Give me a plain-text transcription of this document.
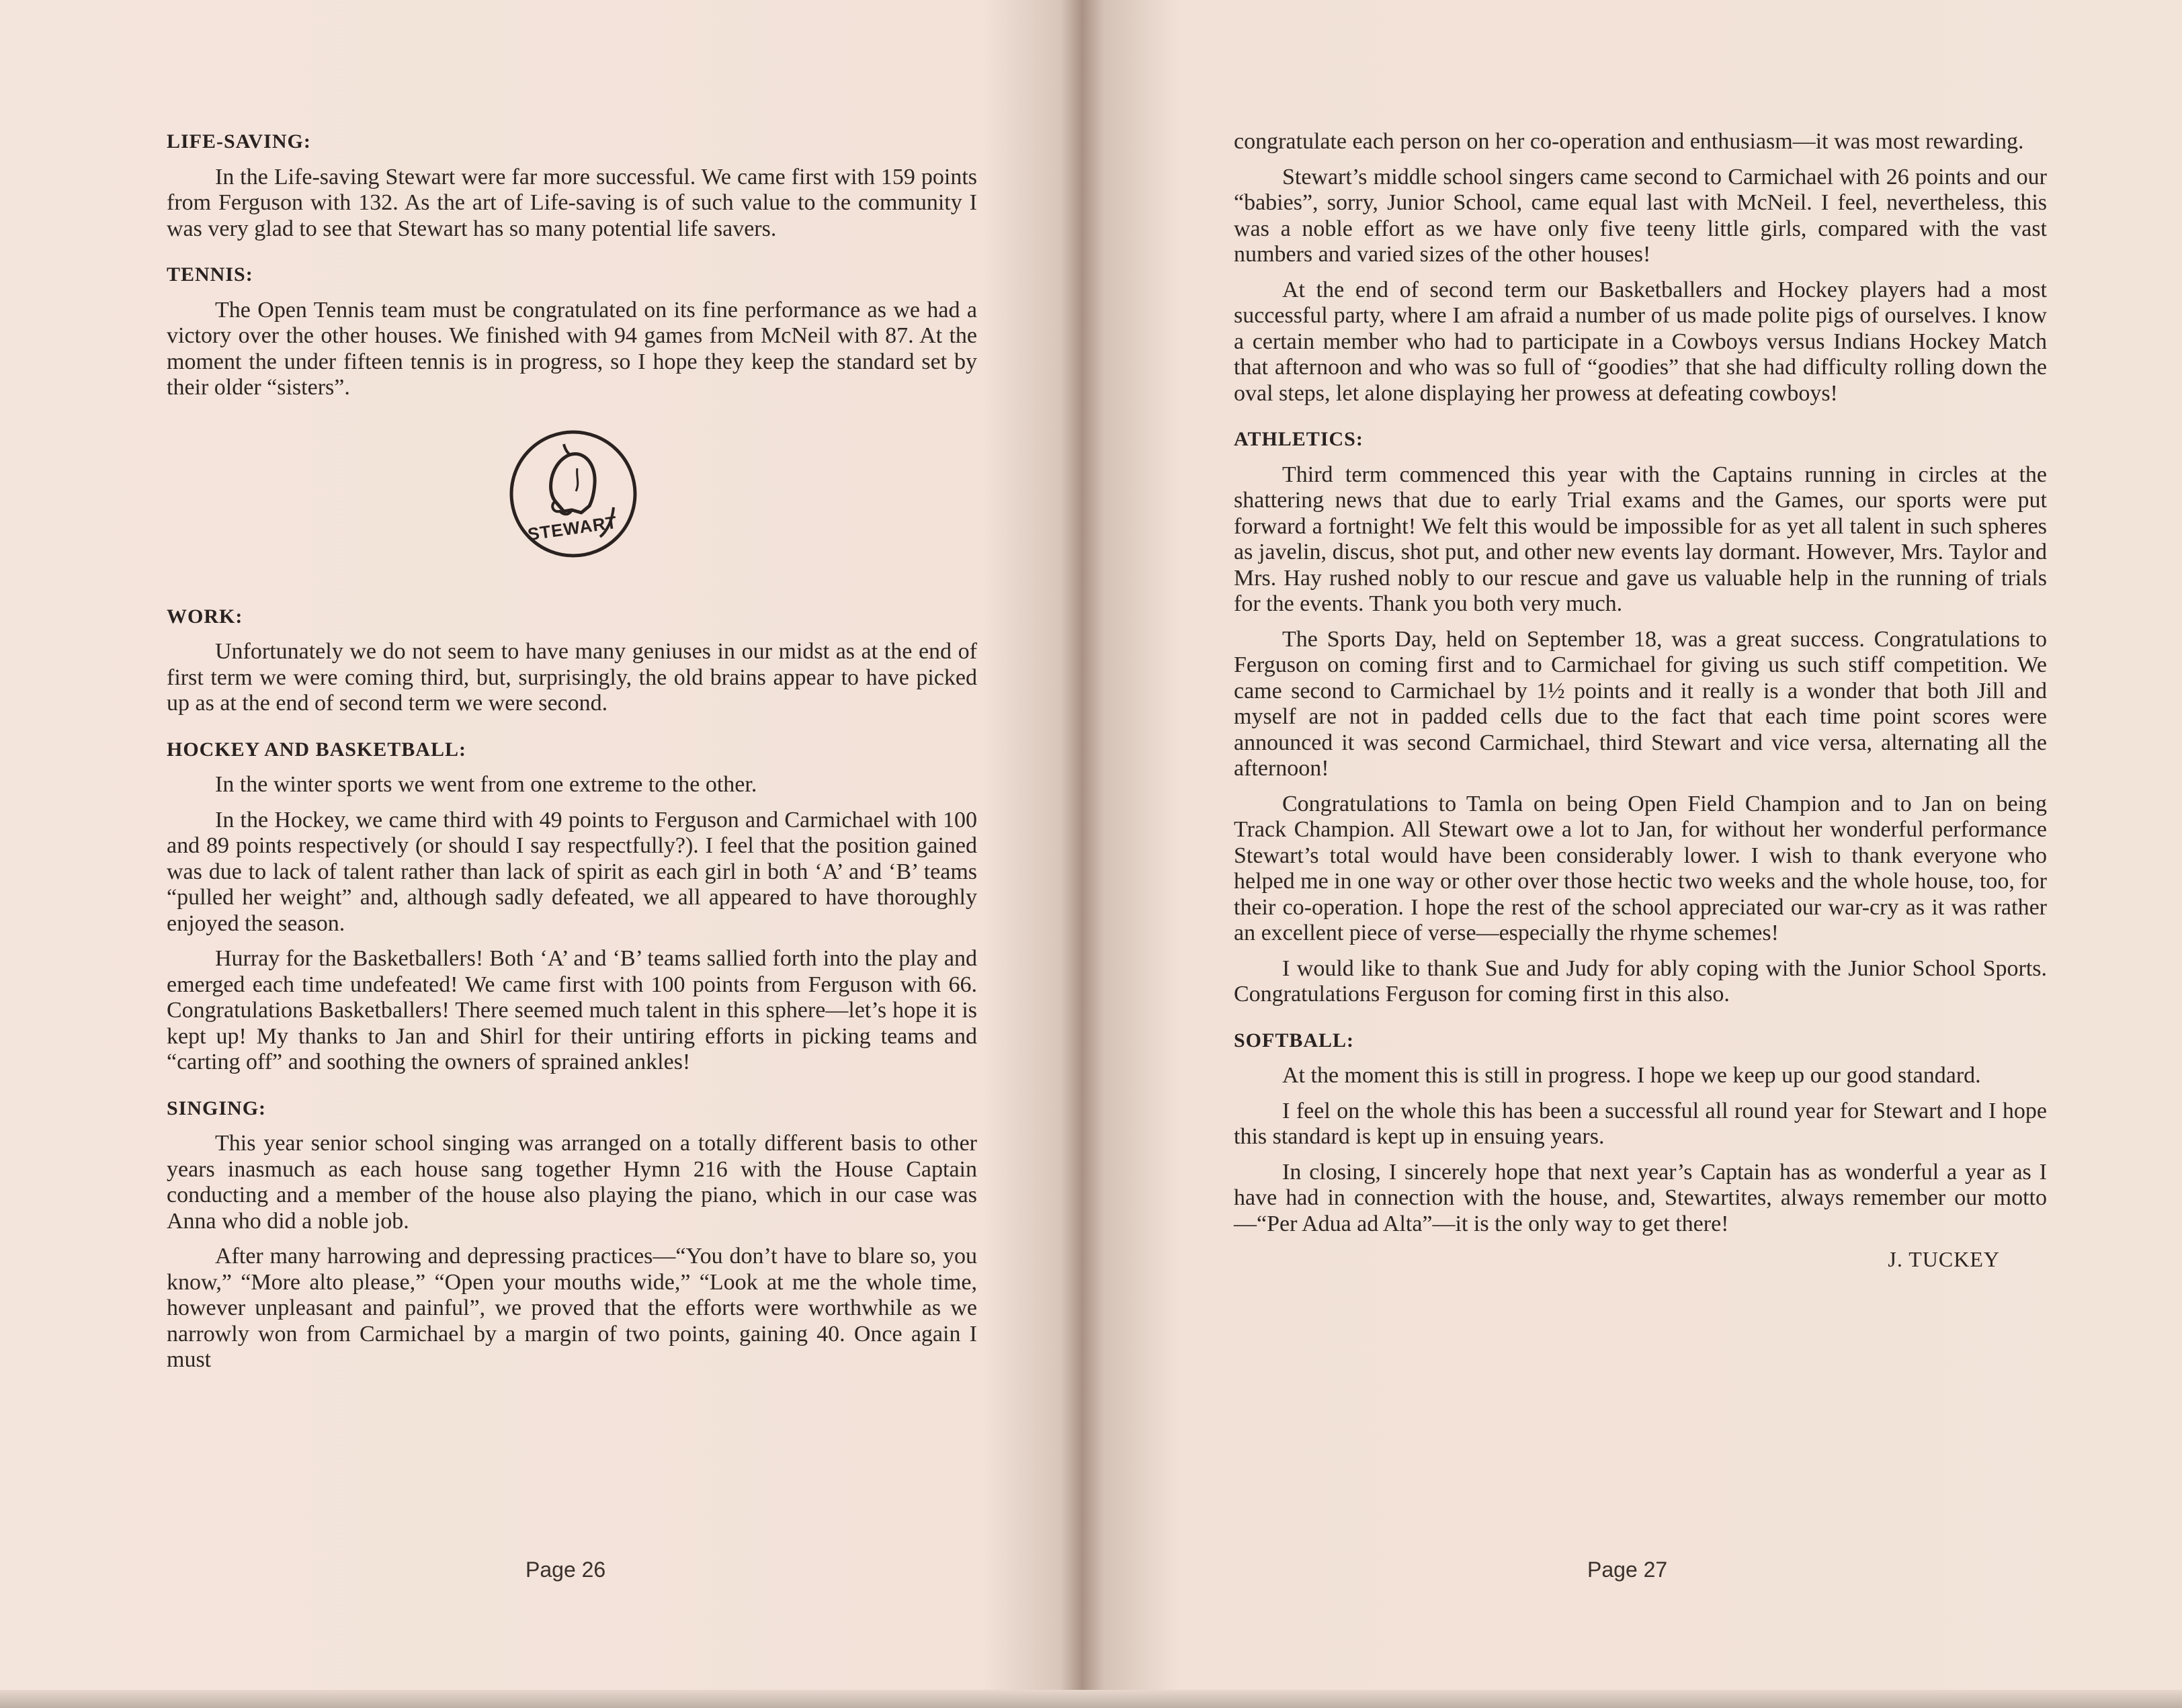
LIFE-SAVING:

In the Life-saving Stewart were far more successful. We came first with 159 points from Ferguson with 132. As the art of Life-saving is of such value to the community I was very glad to see that Stewart has so many potential life savers.

TENNIS:

The Open Tennis team must be congratulated on its fine performance as we had a victory over the other houses. We finished with 94 games from McNeil with 87. At the moment the under fifteen tennis is in progress, so I hope they keep the standard set by their older “sisters”.

STEWART
WORK:

Unfortunately we do not seem to have many geniuses in our midst as at the end of first term we were coming third, but, surprisingly, the old brains appear to have picked up as at the end of second term we were second.

HOCKEY AND BASKETBALL:

In the winter sports we went from one extreme to the other.

In the Hockey, we came third with 49 points to Ferguson and Carmichael with 100 and 89 points respectively (or should I say respectfully?). I feel that the position gained was due to lack of talent rather than lack of spirit as each girl in both ‘A’ and ‘B’ teams “pulled her weight” and, although sadly defeated, we all appeared to have thoroughly enjoyed the season.

Hurray for the Basketballers! Both ‘A’ and ‘B’ teams sallied forth into the play and emerged each time undefeated! We came first with 100 points from Ferguson with 66. Congratulations Basketballers! There seemed much talent in this sphere—let’s hope it is kept up! My thanks to Jan and Shirl for their untiring efforts in picking teams and “carting off” and soothing the owners of sprained ankles!

SINGING:

This year senior school singing was arranged on a totally different basis to other years inasmuch as each house sang together Hymn 216 with the House Captain conducting and a member of the house also playing the piano, which in our case was Anna who did a noble job.

After many harrowing and depressing practices—“You don’t have to blare so, you know,” “More alto please,” “Open your mouths wide,” “Look at me the whole time, however unpleasant and painful”, we proved that the efforts were worthwhile as we narrowly won from Carmichael by a margin of two points, gaining 40. Once again I must

Page 26

congratulate each person on her co-operation and enthusiasm—it was most rewarding.

Stewart’s middle school singers came second to Carmichael with 26 points and our “babies”, sorry, Junior School, came equal last with McNeil. I feel, nevertheless, this was a noble effort as we have only five teeny little girls, compared with the vast numbers and varied sizes of the other houses!

At the end of second term our Basketballers and Hockey players had a most successful party, where I am afraid a number of us made polite pigs of ourselves. I know a certain member who had to participate in a Cowboys versus Indians Hockey Match that afternoon and who was so full of “goodies” that she had difficulty rolling down the oval steps, let alone displaying her prowess at defeating cowboys!

ATHLETICS:

Third term commenced this year with the Captains running in circles at the shattering news that due to early Trial exams and the Games, our sports were put forward a fortnight! We felt this would be impossible for as yet all talent in such spheres as javelin, discus, shot put, and other new events lay dormant. However, Mrs. Taylor and Mrs. Hay rushed nobly to our rescue and gave us valuable help in the running of trials for the events. Thank you both very much.

The Sports Day, held on September 18, was a great success. Congratulations to Ferguson on coming first and to Carmichael for giving us such stiff competition. We came second to Carmichael by 1½ points and it really is a wonder that both Jill and myself are not in padded cells due to the fact that each time point scores were announced it was second Carmichael, third Stewart and vice versa, alternating all the afternoon!

Congratulations to Tamla on being Open Field Champion and to Jan on being Track Champion. All Stewart owe a lot to Jan, for without her wonderful performance Stewart’s total would have been considerably lower. I wish to thank everyone who helped me in one way or other over those hectic two weeks and the whole house, too, for their co-operation. I hope the rest of the school appreciated our war-cry as it was rather an excellent piece of verse—especially the rhyme schemes!

I would like to thank Sue and Judy for ably coping with the Junior School Sports. Congratulations Ferguson for coming first in this also.

SOFTBALL:

At the moment this is still in progress. I hope we keep up our good standard.

I feel on the whole this has been a successful all round year for Stewart and I hope this standard is kept up in ensuing years.

In closing, I sincerely hope that next year’s Captain has as wonderful a year as I have had in connection with the house, and, Stewartites, always remember our motto—“Per Adua ad Alta”—it is the only way to get there!

J. TUCKEY
Page 27
